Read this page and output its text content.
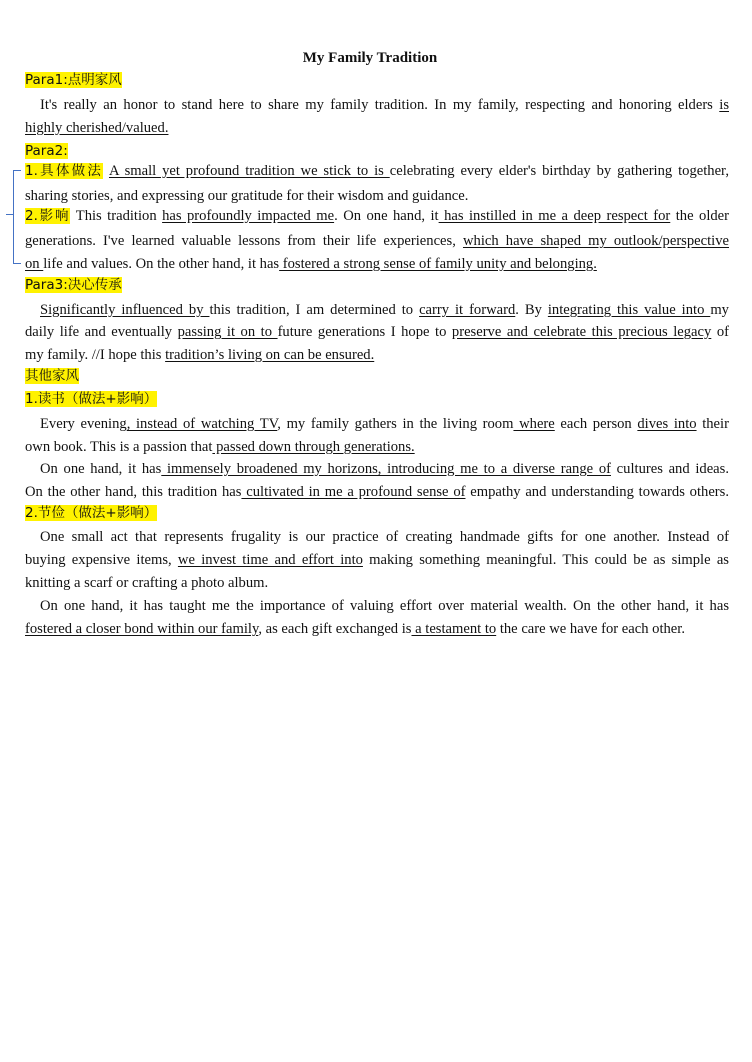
My Family Tradition
Para1:点明家风
It's really an honor to stand here to share my family tradition. In my family, respecting and honoring elders is
highly cherished/valued.
Para2:
1.具体做法 A small yet profound tradition we stick to is celebrating every elder's birthday by gathering together,
sharing stories, and expressing our gratitude for their wisdom and guidance.
2.影响 This tradition has profoundly impacted me. On one hand, it has instilled in me a deep respect for the older
generations. I've learned valuable lessons from their life experiences, which have shaped my outlook/perspective
on life and values. On the other hand, it has fostered a strong sense of family unity and belonging.
Para3:决心传承
Significantly influenced by this tradition, I am determined to carry it forward. By integrating this value into my
daily life and eventually passing it on to future generations I hope to preserve and celebrate this precious legacy of
my family. //I hope this tradition’s living on can be ensured.
其他家风
1.读书（做法+影响）
Every evening, instead of watching TV, my family gathers in the living room where each person dives into their
own book. This is a passion that passed down through generations.
On one hand, it has immensely broadened my horizons, introducing me to a diverse range of cultures and ideas.
On the other hand, this tradition has cultivated in me a profound sense of empathy and understanding towards others.
2.节俭（做法+影响）
One small act that represents frugality is our practice of creating handmade gifts for one another. Instead of
buying expensive items, we invest time and effort into making something meaningful. This could be as simple as
knitting a scarf or crafting a photo album.
On one hand, it has taught me the importance of valuing effort over material wealth. On the other hand, it has
fostered a closer bond within our family, as each gift exchanged is a testament to the care we have for each other.
